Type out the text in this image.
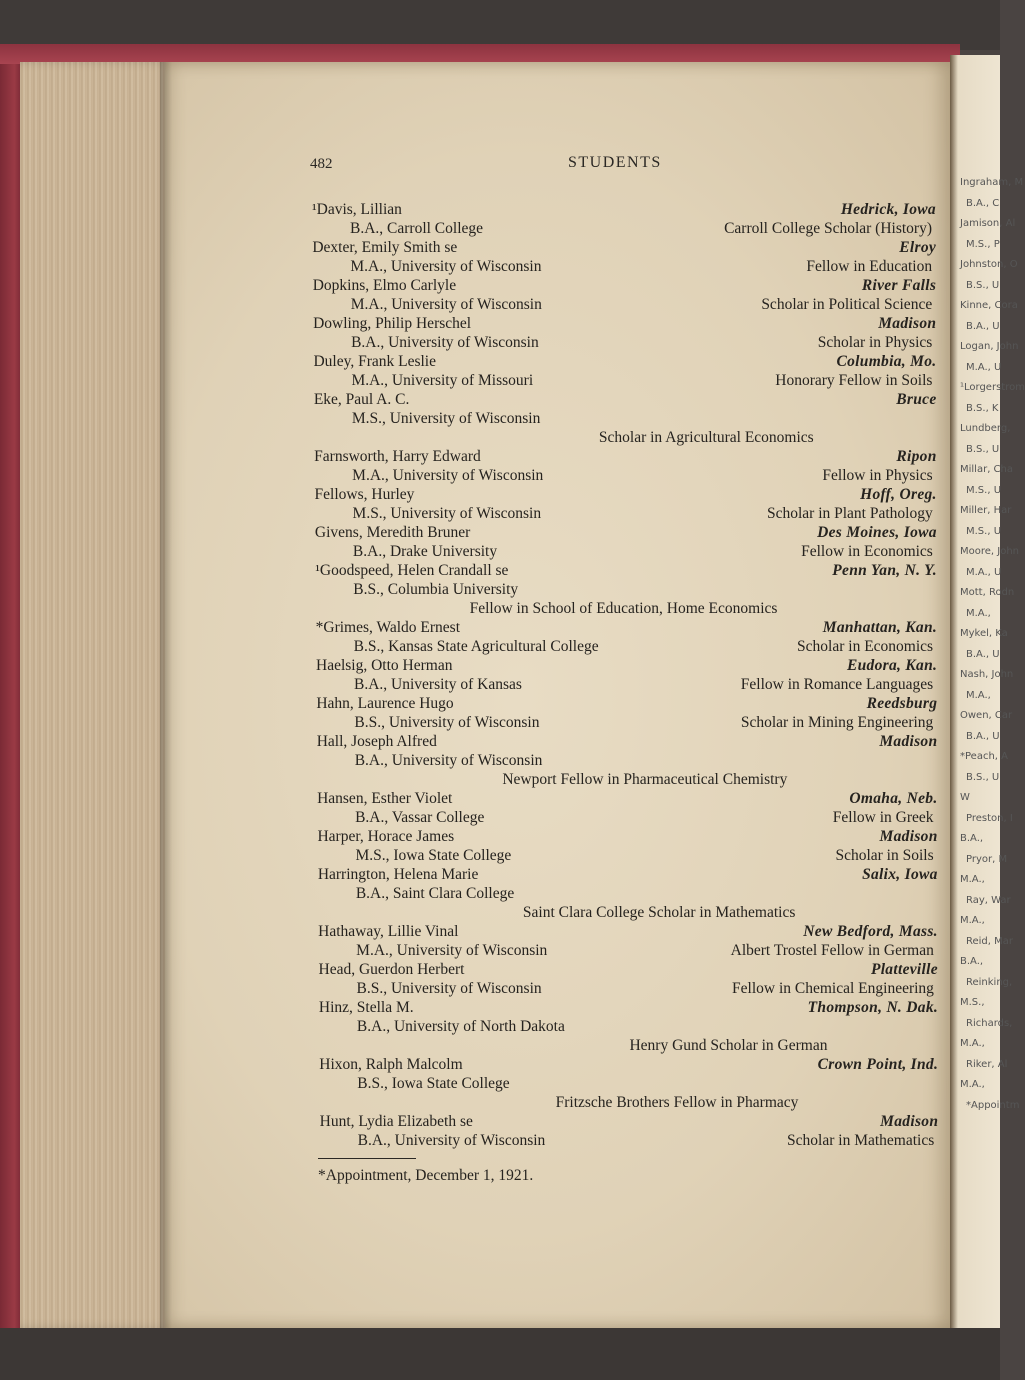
Ingraham, M
B.A., C
Jamison, Al
M.S., P
Johnston, O
B.S., U
Kinne, Cora
B.A., U
Logan, John
M.A., U
¹Lorgerstrom
B.S., K
Lundberg,
B.S., U
Millar, Cha
M.S., U
Miller, Har
M.S., U
Moore, John
M.A., U
Mott, Rodn
M.A.,
Mykel, Ka
B.A., U
Nash, John
M.A.,
Owen, Car
B.A., U
*Peach, A
B.S., U
W
Preston, I
B.A.,
Pryor, M
M.A.,
Ray, War
M.A.,
Reid, Mar
B.A.,
Reinking,
M.S.,
Richards,
M.A.,
Riker, Al
M.A.,
*Appointm
482	STUDENTS
¹Davis, Lillian	Hedrick, Iowa
B.A., Carroll College	Carroll College Scholar (History)
Dexter, Emily Smith se	Elroy
M.A., University of Wisconsin	Fellow in Education
Dopkins, Elmo Carlyle	River Falls
M.A., University of Wisconsin	Scholar in Political Science
Dowling, Philip Herschel	Madison
B.A., University of Wisconsin	Scholar in Physics
Duley, Frank Leslie	Columbia, Mo.
M.A., University of Missouri	Honorary Fellow in Soils
Eke, Paul A. C.	Bruce
M.S., University of Wisconsin
Scholar in Agricultural Economics
Farnsworth, Harry Edward	Ripon
M.A., University of Wisconsin	Fellow in Physics
Fellows, Hurley	Hoff, Oreg.
M.S., University of Wisconsin	Scholar in Plant Pathology
Givens, Meredith Bruner	Des Moines, Iowa
B.A., Drake University	Fellow in Economics
¹Goodspeed, Helen Crandall se	Penn Yan, N. Y.
B.S., Columbia University
Fellow in School of Education, Home Economics
*Grimes, Waldo Ernest	Manhattan, Kan.
B.S., Kansas State Agricultural College	Scholar in Economics
Haelsig, Otto Herman	Eudora, Kan.
B.A., University of Kansas	Fellow in Romance Languages
Hahn, Laurence Hugo	Reedsburg
B.S., University of Wisconsin	Scholar in Mining Engineering
Hall, Joseph Alfred	Madison
B.A., University of Wisconsin
Newport Fellow in Pharmaceutical Chemistry
Hansen, Esther Violet	Omaha, Neb.
B.A., Vassar College	Fellow in Greek
Harper, Horace James	Madison
M.S., Iowa State College	Scholar in Soils
Harrington, Helena Marie	Salix, Iowa
B.A., Saint Clara College
Saint Clara College Scholar in Mathematics
Hathaway, Lillie Vinal	New Bedford, Mass.
M.A., University of Wisconsin	Albert Trostel Fellow in German
Head, Guerdon Herbert	Platteville
B.S., University of Wisconsin	Fellow in Chemical Engineering
Hinz, Stella M.	Thompson, N. Dak.
B.A., University of North Dakota
Henry Gund Scholar in German
Hixon, Ralph Malcolm	Crown Point, Ind.
B.S., Iowa State College
Fritzsche Brothers Fellow in Pharmacy
Hunt, Lydia Elizabeth se	Madison
B.A., University of Wisconsin	Scholar in Mathematics
*Appointment, December 1, 1921.
